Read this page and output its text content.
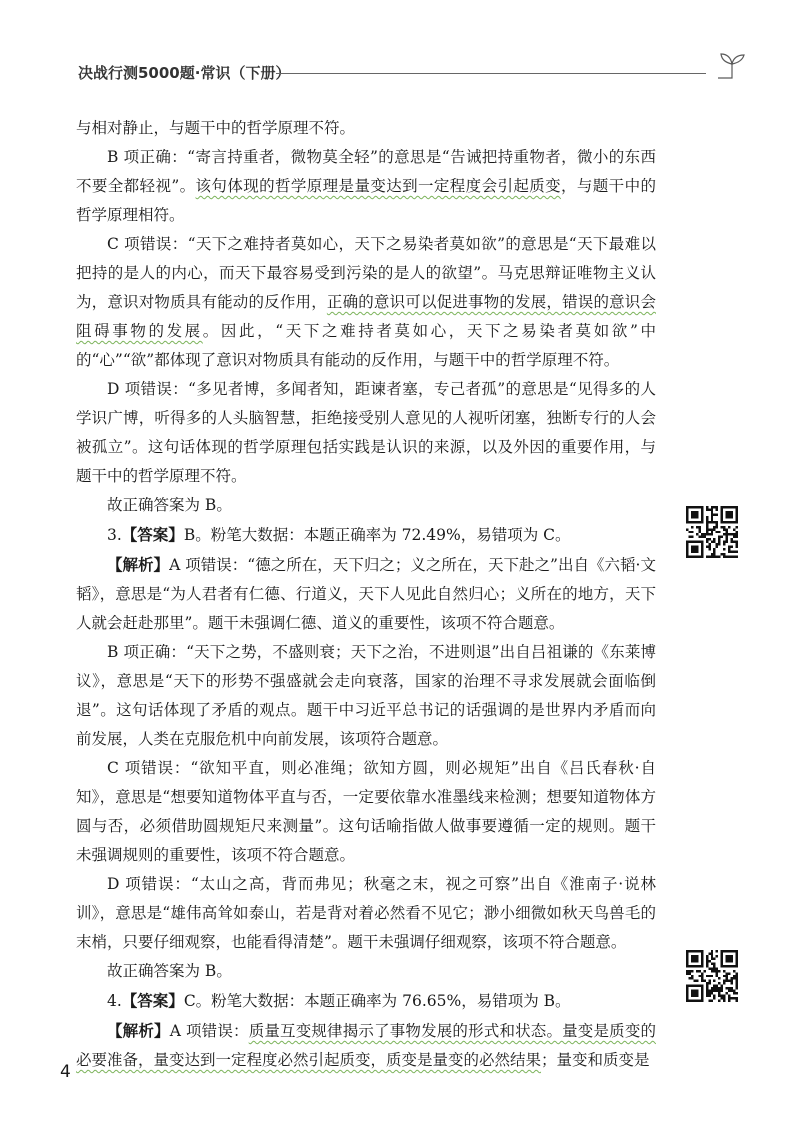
决战行测5000题·常识（下册）

与相对静止，与题干中的哲学原理不符。

B 项正确：“寄言持重者，微物莫全轻”的意思是“告诫把持重物者，微小的东西不要全都轻视”。该句体现的哲学原理是量变达到一定程度会引起质变，与题干中的哲学原理相符。

C 项错误：“天下之难持者莫如心，天下之易染者莫如欲”的意思是“天下最难以把持的是人的内心，而天下最容易受到污染的是人的欲望”。马克思辩证唯物主义认为，意识对物质具有能动的反作用，正确的意识可以促进事物的发展，错误的意识会阻碍事物的发展。因此，“天下之难持者莫如心，天下之易染者莫如欲”中的“心”“欲”都体现了意识对物质具有能动的反作用，与题干中的哲学原理不符。

D 项错误：“多见者博，多闻者知，距谏者塞，专己者孤”的意思是“见得多的人学识广博，听得多的人头脑智慧，拒绝接受别人意见的人视听闭塞，独断专行的人会被孤立”。这句话体现的哲学原理包括实践是认识的来源，以及外因的重要作用，与题干中的哲学原理不符。

故正确答案为 B。

3.【答案】B。粉笔大数据：本题正确率为 72.49%，易错项为 C。

【解析】A 项错误：“德之所在，天下归之；义之所在，天下赴之”出自《六韬·文韬》，意思是“为人君者有仁德、行道义，天下人见此自然归心；义所在的地方，天下人就会赶赴那里”。题干未强调仁德、道义的重要性，该项不符合题意。

B 项正确：“天下之势，不盛则衰；天下之治，不进则退”出自吕祖谦的《东莱博议》，意思是“天下的形势不强盛就会走向衰落，国家的治理不寻求发展就会面临倒退”。这句话体现了矛盾的观点。题干中习近平总书记的话强调的是世界内矛盾而向前发展，人类在克服危机中向前发展，该项符合题意。

C 项错误：“欲知平直，则必准绳；欲知方圆，则必规矩”出自《吕氏春秋·自知》，意思是“想要知道物体平直与否，一定要依靠水准墨线来检测；想要知道物体方圆与否，必须借助圆规矩尺来测量”。这句话喻指做人做事要遵循一定的规则。题干未强调规则的重要性，该项不符合题意。

D 项错误：“太山之高，背而弗见；秋毫之末，视之可察”出自《淮南子·说林训》，意思是“雄伟高耸如泰山，若是背对着必然看不见它；渺小细微如秋天鸟兽毛的末梢，只要仔细观察，也能看得清楚”。题干未强调仔细观察，该项不符合题意。

故正确答案为 B。

4.【答案】C。粉笔大数据：本题正确率为 76.65%，易错项为 B。

【解析】A 项错误：质量互变规律揭示了事物发展的形式和状态。量变是质变的必要准备，量变达到一定程度必然引起质变，质变是量变的必然结果；量变和质变是

4
